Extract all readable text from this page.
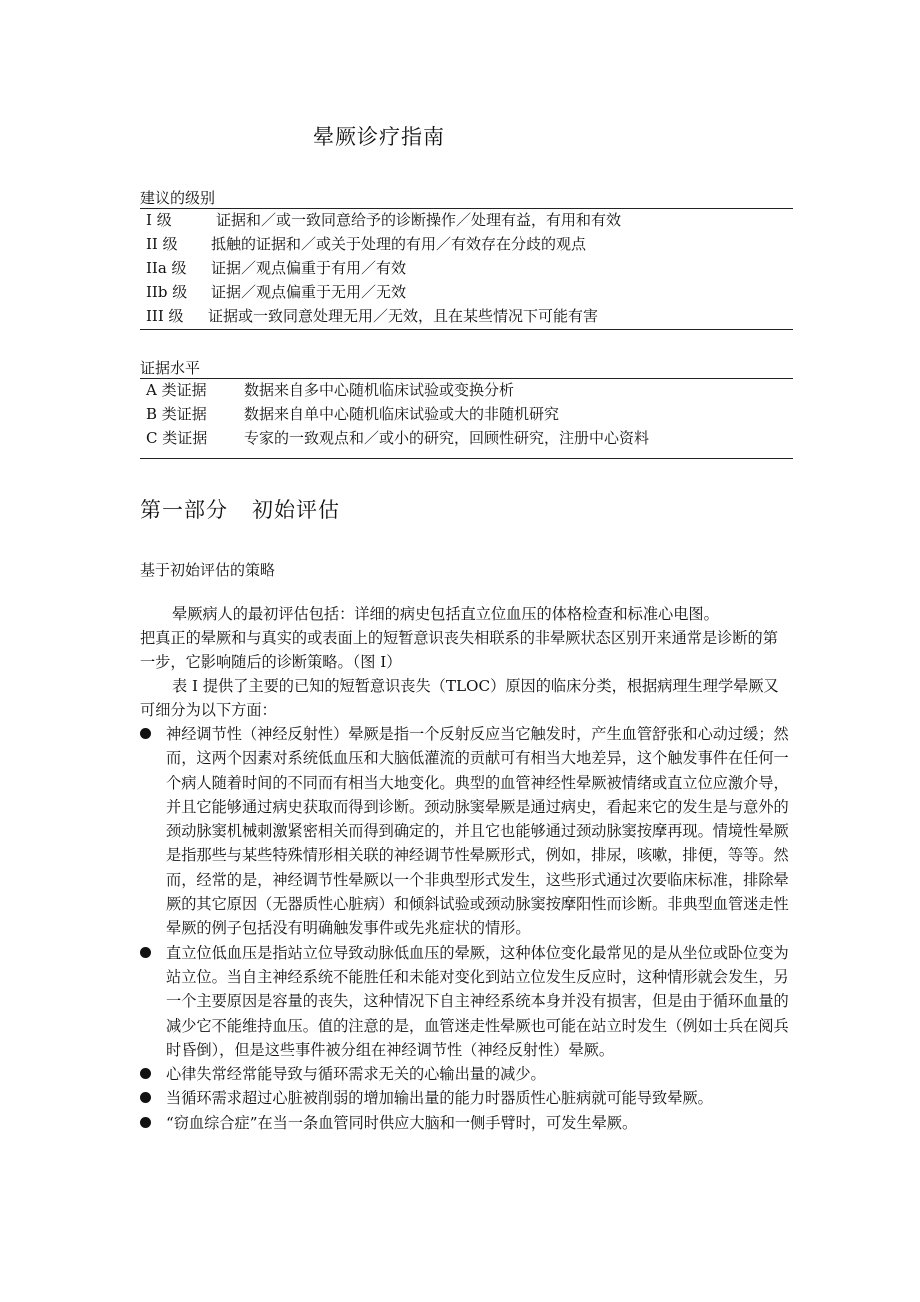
晕厥诊疗指南
建议的级别
I 级	证据和／或一致同意给予的诊断操作／处理有益，有用和有效
II 级 抵触的证据和／或关于处理的有用／有效存在分歧的观点
IIa 级 证据／观点偏重于有用／有效
IIb 级 证据／观点偏重于无用／无效
III 级 证据或一致同意处理无用／无效，且在某些情况下可能有害
证据水平
A 类证据 数据来自多中心随机临床试验或变换分析
B 类证据 数据来自单中心随机临床试验或大的非随机研究
C 类证据 专家的一致观点和／或小的研究，回顾性研究，注册中心资料
第一部分 初始评估
基于初始评估的策略

晕厥病人的最初评估包括：详细的病史包括直立位血压的体格检查和标准心电图。

把真正的晕厥和与真实的或表面上的短暂意识丧失相联系的非晕厥状态区别开来通常是诊断的第一步，它影响随后的诊断策略。（图 I）

表 I 提供了主要的已知的短暂意识丧失（TLOC）原因的临床分类，根据病理生理学晕厥又可细分为以下方面：

神经调节性（神经反射性）晕厥是指一个反射反应当它触发时，产生血管舒张和心动过缓；然而，这两个因素对系统低血压和大脑低灌流的贡献可有相当大地差异，这个触发事件在任何一个病人随着时间的不同而有相当大地变化。典型的血管神经性晕厥被情绪或直立位应激介导，并且它能够通过病史获取而得到诊断。颈动脉窦晕厥是通过病史，看起来它的发生是与意外的颈动脉窦机械刺激紧密相关而得到确定的，并且它也能够通过颈动脉窦按摩再现。情境性晕厥是指那些与某些特殊情形相关联的神经调节性晕厥形式，例如，排尿，咳嗽，排便，等等。然而，经常的是，神经调节性晕厥以一个非典型形式发生，这些形式通过次要临床标准，排除晕厥的其它原因（无器质性心脏病）和倾斜试验或颈动脉窦按摩阳性而诊断。非典型血管迷走性晕厥的例子包括没有明确触发事件或先兆症状的情形。

直立位低血压是指站立位导致动脉低血压的晕厥，这种体位变化最常见的是从坐位或卧位变为站立位。当自主神经系统不能胜任和未能对变化到站立位发生反应时，这种情形就会发生，另一个主要原因是容量的丧失，这种情况下自主神经系统本身并没有损害，但是由于循环血量的减少它不能维持血压。值的注意的是，血管迷走性晕厥也可能在站立时发生（例如士兵在阅兵时昏倒），但是这些事件被分组在神经调节性（神经反射性）晕厥。

心律失常经常能导致与循环需求无关的心输出量的减少。

当循环需求超过心脏被削弱的增加输出量的能力时器质性心脏病就可能导致晕厥。

“窃血综合症”在当一条血管同时供应大脑和一侧手臂时，可发生晕厥。
